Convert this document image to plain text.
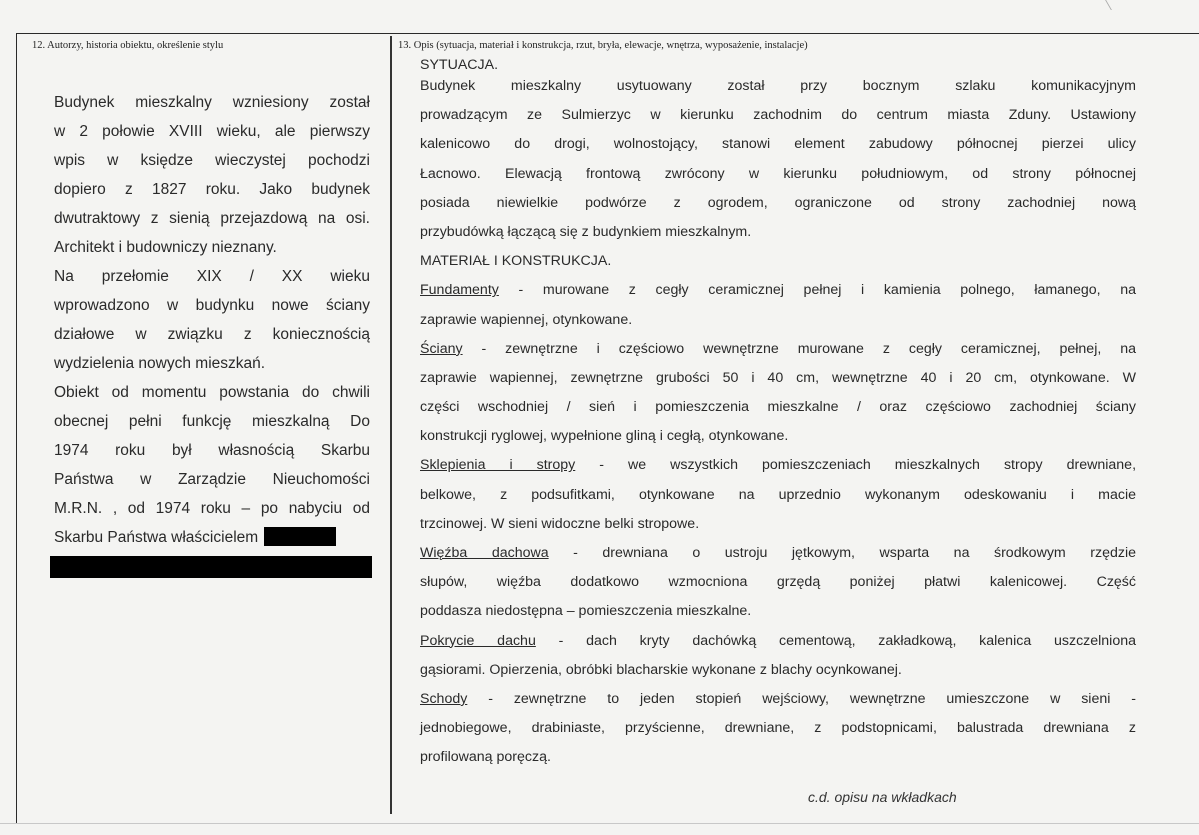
12. Autorzy, historia obiektu, określenie stylu	13. Opis (sytuacja, materiał i konstrukcja, rzut, bryła, elewacje, wnętrza, wyposażenie, instalacje)
Budynek mieszkalny wzniesiony został
w 2 połowie XVIII wieku, ale pierwszy
wpis w księdze wieczystej pochodzi
dopiero z 1827 roku. Jako budynek
dwutraktowy z sienią przejazdową na osi.
Architekt i budowniczy nieznany.
Na przełomie XIX / XX wieku
wprowadzono w budynku nowe ściany
działowe w związku z koniecznością
wydzielenia nowych mieszkań.
Obiekt od momentu powstania do chwili
obecnej pełni funkcję mieszkalną Do
1974 roku był własnością Skarbu
Państwa w Zarządzie Nieuchomości
M.R.N. , od 1974 roku – po nabyciu od
Skarbu Państwa właścicielem
SYTUACJA.
Budynek mieszkalny usytuowany został przy bocznym szlaku komunikacyjnym
prowadzącym ze Sulmierzyc w kierunku zachodnim do centrum miasta Zduny. Ustawiony
kalenicowo do drogi, wolnostojący, stanowi element zabudowy północnej pierzei ulicy
Łacnowo. Elewacją frontową zwrócony w kierunku południowym, od strony północnej
posiada niewielkie podwórze z ogrodem, ograniczone od strony zachodniej nową
przybudówką łączącą się z budynkiem mieszkalnym.
MATERIAŁ I KONSTRUKCJA.
Fundamenty - murowane z cegły ceramicznej pełnej i kamienia polnego, łamanego, na
zaprawie wapiennej, otynkowane.
Ściany - zewnętrzne i częściowo wewnętrzne murowane z cegły ceramicznej, pełnej, na
zaprawie wapiennej, zewnętrzne grubości 50 i 40 cm, wewnętrzne 40 i 20 cm, otynkowane. W
części wschodniej / sień i pomieszczenia mieszkalne / oraz częściowo zachodniej ściany
konstrukcji ryglowej, wypełnione gliną i cegłą, otynkowane.
Sklepienia i stropy - we wszystkich pomieszczeniach mieszkalnych stropy drewniane,
belkowe, z podsufitkami, otynkowane na uprzednio wykonanym odeskowaniu i macie
trzcinowej. W sieni widoczne belki stropowe.
Więźba dachowa - drewniana o ustroju jętkowym, wsparta na środkowym rzędzie
słupów, więźba dodatkowo wzmocniona grzędą poniżej płatwi kalenicowej. Część
poddasza niedostępna – pomieszczenia mieszkalne.
Pokrycie dachu - dach kryty dachówką cementową, zakładkową, kalenica uszczelniona
gąsiorami. Opierzenia, obróbki blacharskie wykonane z blachy ocynkowanej.
Schody - zewnętrzne to jeden stopień wejściowy, wewnętrzne umieszczone w sieni -
jednobiegowe, drabiniaste, przyścienne, drewniane, z podstopnicami, balustrada drewniana z
profilowaną poręczą.
c.d. opisu na wkładkach
